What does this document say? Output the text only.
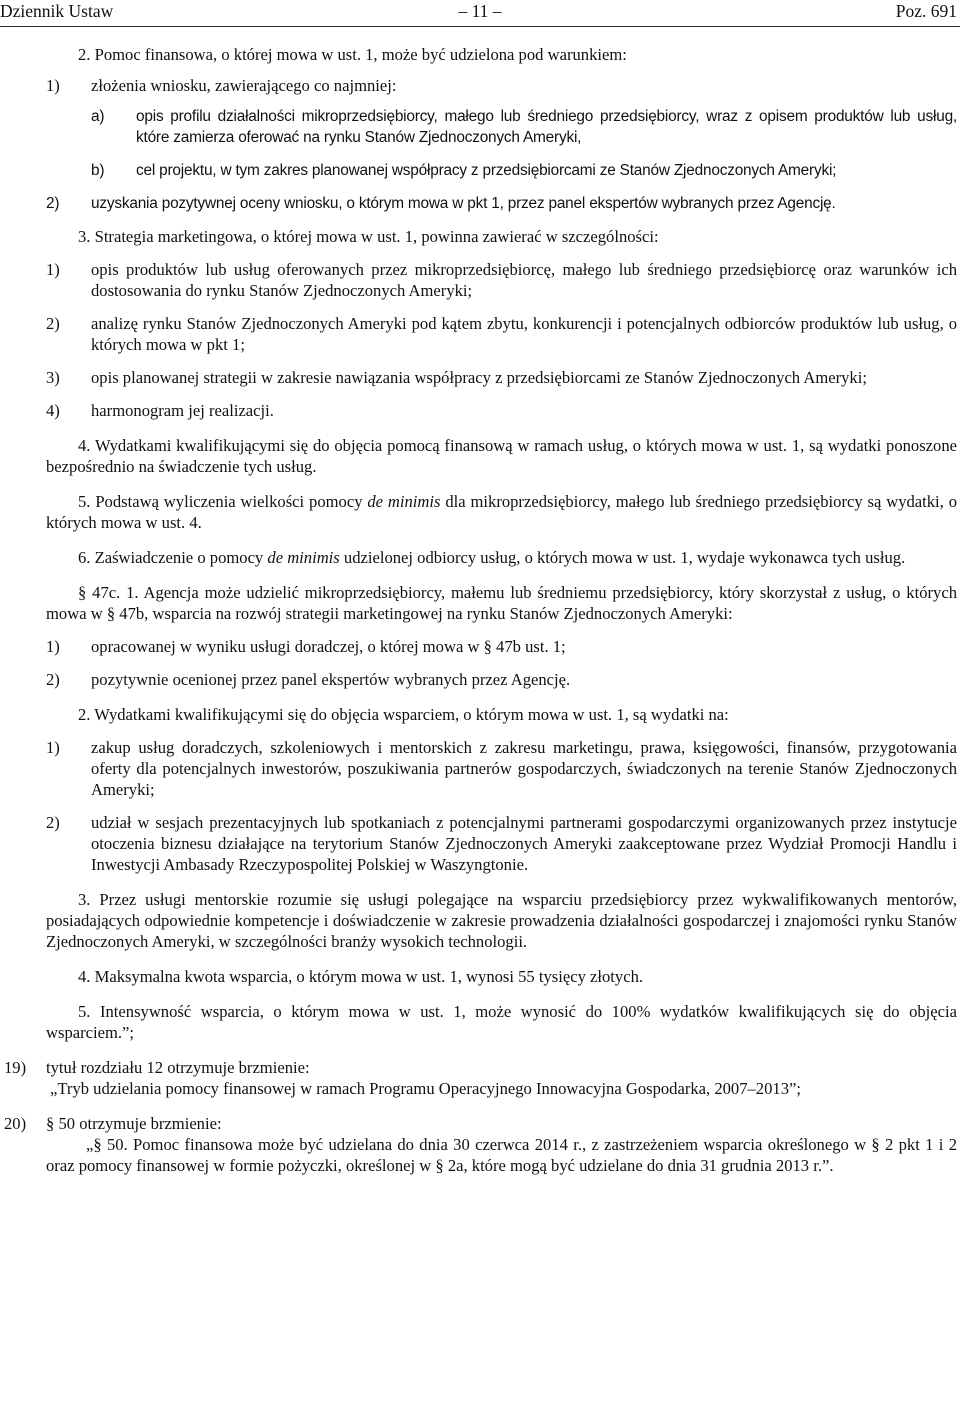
Dziennik Ustaw	– 11 –	Poz. 691
2. Pomoc finansowa, o której mowa w ust. 1, może być udzielona pod warunkiem:
1) złożenia wniosku, zawierającego co najmniej:
a) opis profilu działalności mikroprzedsiębiorcy, małego lub średniego przedsiębiorcy, wraz z opisem produktów lub usług, które zamierza oferować na rynku Stanów Zjednoczonych Ameryki,
b) cel projektu, w tym zakres planowanej współpracy z przedsiębiorcami ze Stanów Zjednoczonych Ameryki;
2) uzyskania pozytywnej oceny wniosku, o którym mowa w pkt 1, przez panel ekspertów wybranych przez Agencję.
3. Strategia marketingowa, o której mowa w ust. 1, powinna zawierać w szczególności:
1) opis produktów lub usług oferowanych przez mikroprzedsiębiorcę, małego lub średniego przedsiębiorcę oraz warunków ich dostosowania do rynku Stanów Zjednoczonych Ameryki;
2) analizę rynku Stanów Zjednoczonych Ameryki pod kątem zbytu, konkurencji i potencjalnych odbiorców produktów lub usług, o których mowa w pkt 1;
3) opis planowanej strategii w zakresie nawiązania współpracy z przedsiębiorcami ze Stanów Zjednoczonych Ameryki;
4) harmonogram jej realizacji.
4. Wydatkami kwalifikującymi się do objęcia pomocą finansową w ramach usług, o których mowa w ust. 1, są wydatki ponoszone bezpośrednio na świadczenie tych usług.
5. Podstawą wyliczenia wielkości pomocy de minimis dla mikroprzedsiębiorcy, małego lub średniego przedsiębiorcy są wydatki, o których mowa w ust. 4.
6. Zaświadczenie o pomocy de minimis udzielonej odbiorcy usług, o których mowa w ust. 1, wydaje wykonawca tych usług.
§ 47c. 1. Agencja może udzielić mikroprzedsiębiorcy, małemu lub średniemu przedsiębiorcy, który skorzystał z usług, o których mowa w § 47b, wsparcia na rozwój strategii marketingowej na rynku Stanów Zjednoczonych Ameryki:
1) opracowanej w wyniku usługi doradczej, o której mowa w § 47b ust. 1;
2) pozytywnie ocenionej przez panel ekspertów wybranych przez Agencję.
2. Wydatkami kwalifikującymi się do objęcia wsparciem, o którym mowa w ust. 1, są wydatki na:
1) zakup usług doradczych, szkoleniowych i mentorskich z zakresu marketingu, prawa, księgowości, finansów, przygotowania oferty dla potencjalnych inwestorów, poszukiwania partnerów gospodarczych, świadczonych na terenie Stanów Zjednoczonych Ameryki;
2) udział w sesjach prezentacyjnych lub spotkaniach z potencjalnymi partnerami gospodarczymi organizowanych przez instytucje otoczenia biznesu działające na terytorium Stanów Zjednoczonych Ameryki zaakceptowane przez Wydział Promocji Handlu i Inwestycji Ambasady Rzeczypospolitej Polskiej w Waszyngtonie.
3. Przez usługi mentorskie rozumie się usługi polegające na wsparciu przedsiębiorcy przez wykwalifikowanych mentorów, posiadających odpowiednie kompetencje i doświadczenie w zakresie prowadzenia działalności gospodarczej i znajomości rynku Stanów Zjednoczonych Ameryki, w szczególności branży wysokich technologii.
4. Maksymalna kwota wsparcia, o którym mowa w ust. 1, wynosi 55 tysięcy złotych.
5. Intensywność wsparcia, o którym mowa w ust. 1, może wynosić do 100% wydatków kwalifikujących się do objęcia wsparciem.”;
19) tytuł rozdziału 12 otrzymuje brzmienie:
„Tryb udzielania pomocy finansowej w ramach Programu Operacyjnego Innowacyjna Gospodarka, 2007–2013”;
20) § 50 otrzymuje brzmienie:
„§ 50. Pomoc finansowa może być udzielana do dnia 30 czerwca 2014 r., z zastrzeżeniem wsparcia określonego w § 2 pkt 1 i 2 oraz pomocy finansowej w formie pożyczki, określonej w § 2a, które mogą być udzielane do dnia 31 grudnia 2013 r.”.
